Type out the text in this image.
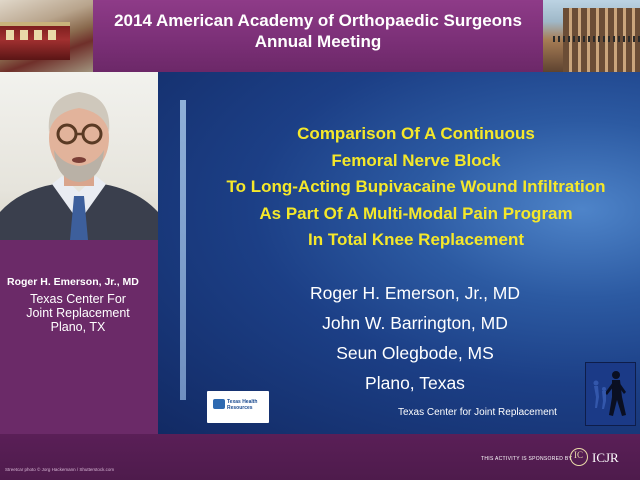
2014 American Academy of Orthopaedic Surgeons
Annual Meeting
Roger H. Emerson, Jr., MD
Texas Center For
Joint Replacement
Plano, TX
Comparison Of A Continuous
Femoral Nerve Block
To Long-Acting Bupivacaine Wound Infiltration
As Part Of A Multi-Modal Pain Program
In Total Knee Replacement
Roger H. Emerson, Jr., MD
John W. Barrington, MD
Seun Olegbode, MS
Plano, Texas
Texas Health Resources	Texas Center for Joint Replacement
Streetcar photo © Jorg Hackemann / Shutterstock.com
THIS ACTIVITY IS SPONSORED BY IC ICJR
